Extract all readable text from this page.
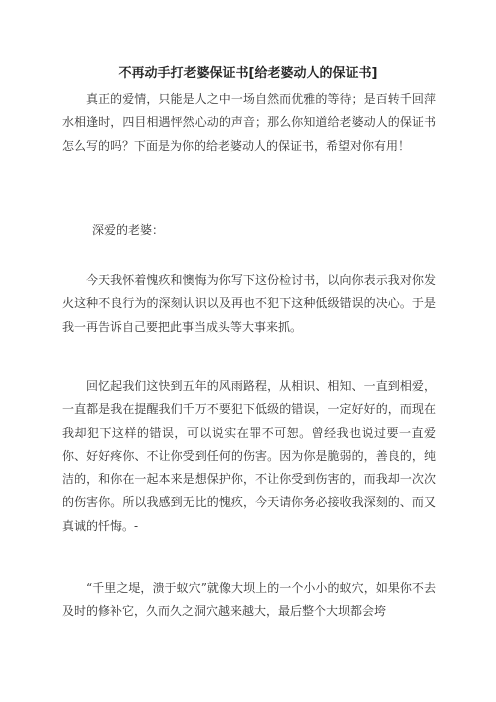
不再动手打老婆保证书[给老婆动人的保证书]

真正的爱情，只能是人之中一场自然而优雅的等待；是百转千回萍水相逢时，四目相遇怦然心动的声音；那么你知道给老婆动人的保证书怎么写的吗？下面是为你的给老婆动人的保证书，希望对你有用！

深爱的老婆：

今天我怀着愧疚和懊悔为你写下这份检讨书，以向你表示我对你发火这种不良行为的深刻认识以及再也不犯下这种低级错误的决心。于是我一再告诉自己要把此事当成头等大事来抓。

回忆起我们这快到五年的风雨路程，从相识、相知、一直到相爱，一直都是我在提醒我们千万不要犯下低级的错误，一定好好的，而现在我却犯下这样的错误，可以说实在罪不可恕。曾经我也说过要一直爱你、好好疼你、不让你受到任何的伤害。因为你是脆弱的，善良的，纯洁的，和你在一起本来是想保护你，不让你受到伤害的，而我却一次次的伤害你。所以我感到无比的愧疚，今天请你务必接收我深刻的、而又真诚的忏悔。-

“千里之堤，溃于蚁穴”就像大坝上的一个小小的蚁穴，如果你不去及时的修补它，久而久之洞穴越来越大，最后整个大坝都会垮
